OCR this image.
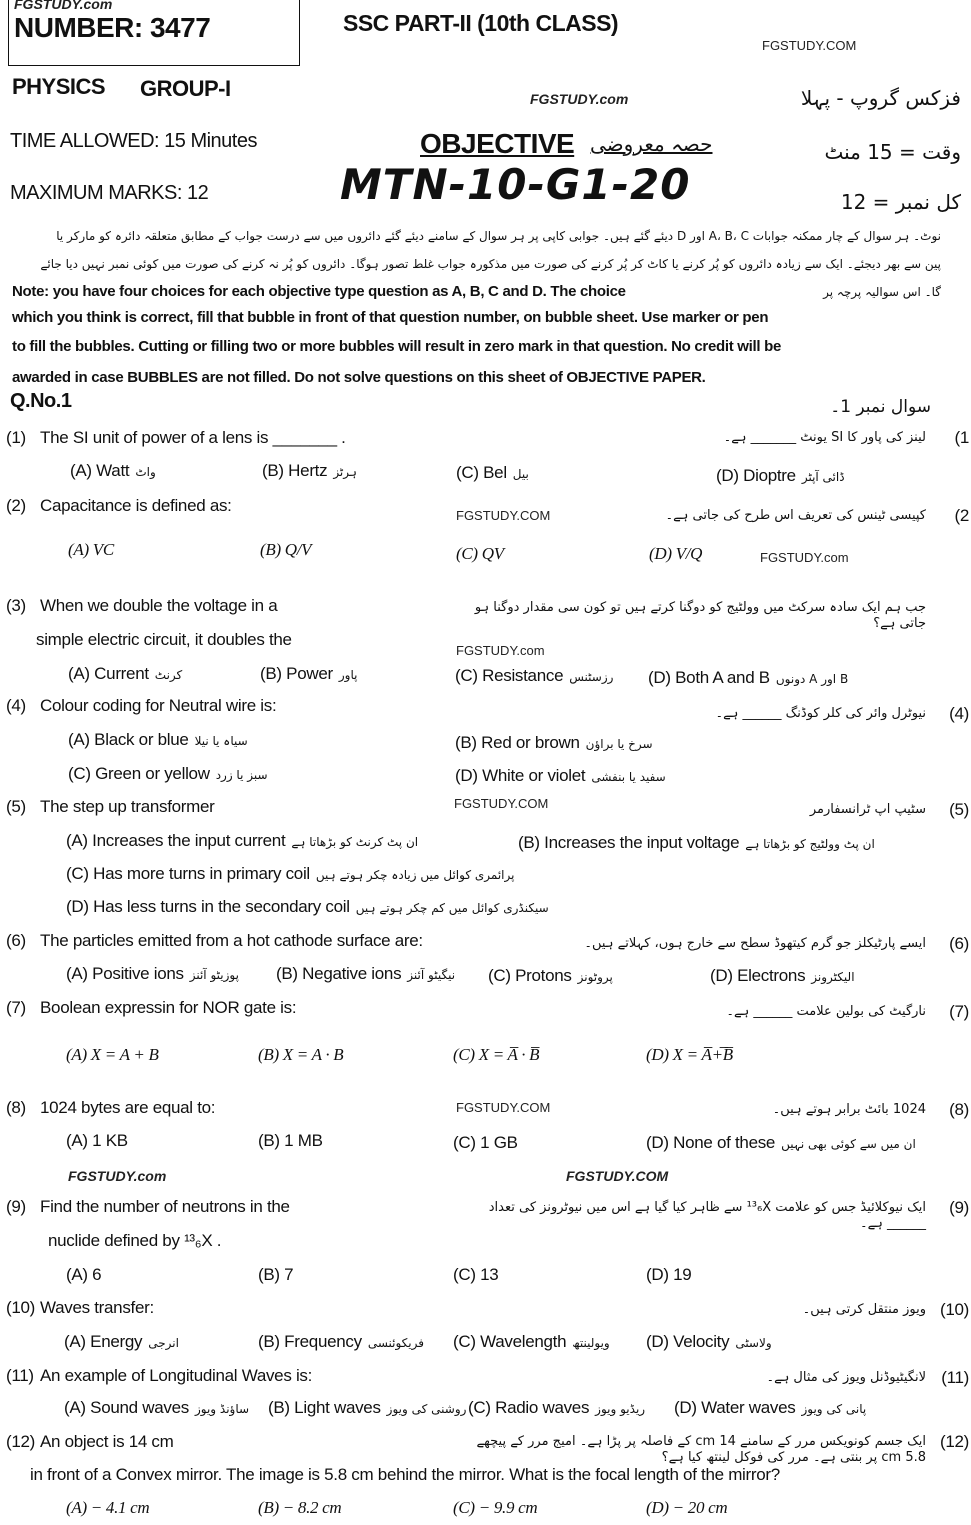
NUMBER: 3477	SSC PART-II (10th CLASS)
PHYSICS GROUP-I	فزکس گروپ - پہلا
TIME ALLOWED: 15 Minutes	OBJECTIVE حصہ معروضی	وقت = 15 منٹ
MAXIMUM MARKS: 12	MTN-10-G1-20	کل نمبر = 12
نوٹ۔ ہر سوال کے چار ممکنہ جوابات A، B، C اور D دیئے گئے ہیں۔ جوابی کاپی پر ہر سوال کے سامنے دیئے گئے دائروں میں سے درست جواب کے مطابق متعلقہ دائرہ کو مارکر یا پین سے بھر دیجئے۔ ایک سے زیادہ دائروں کو پُر کرنے یا کاٹ کر پُر کرنے کی صورت میں مذکورہ جواب غلط تصور ہوگا۔ دائروں کو پُر نہ کرنے کی صورت میں کوئی نمبر نہیں دیا جائے گا۔ اس سوالیہ پرچہ پر
Note: you have four choices for each objective type question as A, B, C and D. The choice
which you think is correct, fill that bubble in front of that question number, on bubble sheet. Use marker or pen
to fill the bubbles. Cutting or filling two or more bubbles will result in zero mark in that question. No credit will be
awarded in case BUBBLES are not filled. Do not solve questions on this sheet of OBJECTIVE PAPER.
Q.No.1	سوال نمبر 1۔
(1) The SI unit of power of a lens is _______ .	لینز کی پاور کا SI یونٹ _______ ہے۔ (1
(A) Watt واٹ	(B) Hertz ہرٹز	(C) Bel بیل	(D) Dioptre ڈائی آپٹر
(2) Capacitance is defined as:
کپیسی ٹینس کی تعریف اس طرح کی جاتی ہے۔ (2
(A) VC	(B) Q/V	(C) QV	(D) V/Q
(3) When we double the voltage in a
simple electric circuit, it doubles the
جب ہم ایک سادہ سرکٹ میں وولٹیج کو دوگنا کرتے ہیں تو کون سی مقدار دوگنا ہو جاتی ہے؟
(A) Current کرنٹ	(B) Power پاور	(C) Resistance رزسٹنس (D) Both A and B دونوں A اور B
(4) Colour coding for Neutral wire is:	نیوٹرل وائر کی کلر کوڈنگ ______ ہے۔ (4)
(A) Black or blue سیاہ یا نیلا	(B) Red or brown سرخ یا براؤن
(C) Green or yellow سبز یا زرد	(D) White or violet سفید یا بنفشی
(5) The step up transformer	سٹیپ اپ ٹرانسفارمر (5)
(A) Increases the input current ان پٹ کرنٹ کو بڑھاتا ہے	(B) Increases the input voltage ان پٹ وولٹیج کو بڑھاتا ہے
(C) Has more turns in primary coil پرائمری کوائل میں زیادہ چکر ہوتے ہیں
(D) Has less turns in the secondary coil سیکنڈری کوائل میں کم چکر ہوتے ہیں
(6) The particles emitted from a hot cathode surface are:	ایسے پارٹیکلز جو گرم کیتھوڈ سطح سے خارج ہوں، کہلاتے ہیں۔ (6)
(A) Positive ions پوزیٹو آئنز (B) Negative ions نیگیٹو آئنز (C) Protons پروٹونز	(D) Electrons الیکٹرونز
(7) Boolean expressin for NOR gate is:	نارگیٹ کی بولین علامت ______ ہے۔ (7)
(A) X = A + B	(B) X = A · B	(C) X = A̅ · B̅	(D) X = A̅+̅B̅
(8) 1024 bytes are equal to:	1024 بائٹ برابر ہوتے ہیں۔ (8)
(A) 1 KB	(B) 1 MB	(C) 1 GB	(D) None of these ان میں سے کوئی بھی نہیں
(9) Find the number of neutrons in the
nuclide defined by ¹³₆X .
ایک نیوکلائیڈ جس کو علامت ¹³₆X سے ظاہر کیا گیا ہے اس میں نیوٹرونز کی تعداد ______ ہے۔
(9)
(A) 6	(B) 7	(C) 13	(D) 19
(10) Waves transfer:	ویوز منتقل کرتی ہیں۔ (10)
(A) Energy انرجی	(B) Frequency فریکوئنسی (C) Wavelength ویولینتھ (D) Velocity ولاسٹی
(11) An example of Longitudinal Waves is:	لانگیٹیوڈنل ویوز کی مثال ہے۔ (11)
(A) Sound waves ساؤنڈ ویوز (B) Light waves روشنی کی ویوز (C) Radio waves ریڈیو ویوز (D) Water waves پانی کی ویوز
(12) An object is 14 cm
in front of a Convex mirror. The image is 5.8 cm behind the mirror. What is the focal length of the mirror?
ایک جسم کونویکس مرر کے سامنے 14 cm کے فاصلہ پر پڑا ہے۔ امیج مرر کے پیچھے 5.8 cm پر بنتی ہے۔ مرر کی فوکل لینتھ کیا ہے؟
(12)
(A) − 4.1 cm	(B) − 8.2 cm	(C) − 9.9 cm	(D) − 20 cm
FGSTUDY.com
FGSTUDY.COM
FGSTUDY.com
FGSTUDY.COM
FGSTUDY.com
FGSTUDY.com
FGSTUDY.COM
FGSTUDY.com
FGSTUDY.COM
FGSTUDY.COM
